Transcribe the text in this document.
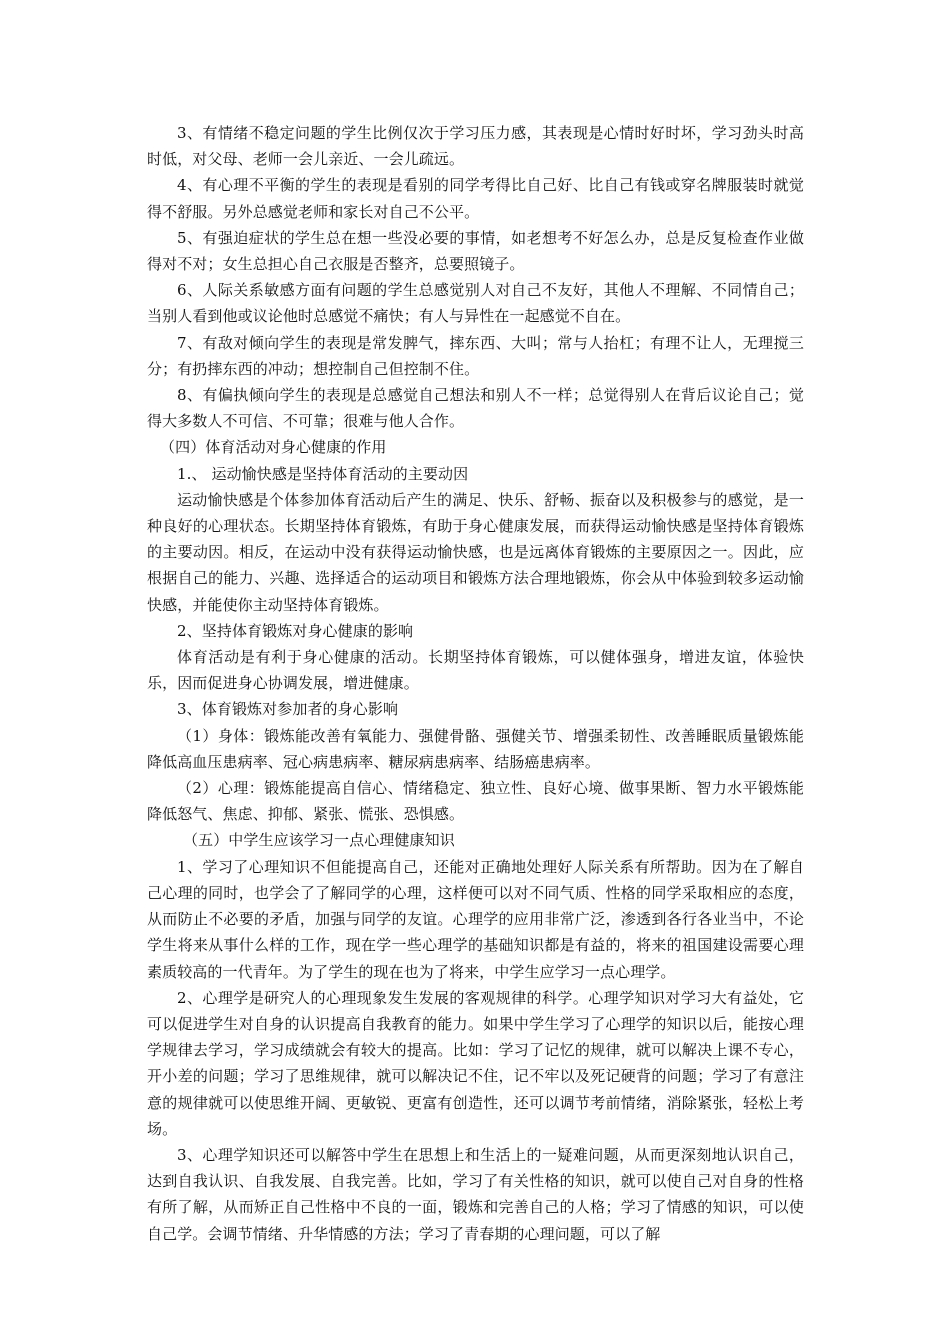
3、有情绪不稳定问题的学生比例仅次于学习压力感，其表现是心情时好时坏，学习劲头时高时低，对父母、老师一会儿亲近、一会儿疏远。

4、有心理不平衡的学生的表现是看别的同学考得比自己好、比自己有钱或穿名牌服装时就觉得不舒服。另外总感觉老师和家长对自己不公平。

5、有强迫症状的学生总在想一些没必要的事情，如老想考不好怎么办，总是反复检查作业做得对不对；女生总担心自己衣服是否整齐，总要照镜子。

6、人际关系敏感方面有问题的学生总感觉别人对自己不友好，其他人不理解、不同情自己；当别人看到他或议论他时总感觉不痛快；有人与异性在一起感觉不自在。

7、有敌对倾向学生的表现是常发脾气，摔东西、大叫；常与人抬杠；有理不让人，无理搅三分；有扔摔东西的冲动；想控制自己但控制不住。

8、有偏执倾向学生的表现是总感觉自己想法和别人不一样；总觉得别人在背后议论自己；觉得大多数人不可信、不可靠；很难与他人合作。

（四）体育活动对身心健康的作用

1.、 运动愉快感是坚持体育活动的主要动因

运动愉快感是个体参加体育活动后产生的满足、快乐、舒畅、振奋以及积极参与的感觉，是一种良好的心理状态。长期坚持体育锻炼，有助于身心健康发展，而获得运动愉快感是坚持体育锻炼的主要动因。相反，在运动中没有获得运动愉快感，也是远离体育锻炼的主要原因之一。因此，应根据自己的能力、兴趣、选择适合的运动项目和锻炼方法合理地锻炼，你会从中体验到较多运动愉快感，并能使你主动坚持体育锻炼。

2、坚持体育锻炼对身心健康的影响

体育活动是有利于身心健康的活动。长期坚持体育锻炼，可以健体强身，增进友谊，体验快乐，因而促进身心协调发展，增进健康。

3、体育锻炼对参加者的身心影响

（1）身体：锻炼能改善有氧能力、强健骨骼、强健关节、增强柔韧性、改善睡眠质量锻炼能降低高血压患病率、冠心病患病率、糖尿病患病率、结肠癌患病率。

（2）心理：锻炼能提高自信心、情绪稳定、独立性、良好心境、做事果断、智力水平锻炼能降低怒气、焦虑、抑郁、紧张、慌张、恐惧感。

（五）中学生应该学习一点心理健康知识

1、学习了心理知识不但能提高自己，还能对正确地处理好人际关系有所帮助。因为在了解自己心理的同时，也学会了了解同学的心理，这样便可以对不同气质、性格的同学采取相应的态度，从而防止不必要的矛盾，加强与同学的友谊。心理学的应用非常广泛，渗透到各行各业当中，不论学生将来从事什么样的工作，现在学一些心理学的基础知识都是有益的，将来的祖国建设需要心理素质较高的一代青年。为了学生的现在也为了将来，中学生应学习一点心理学。

2、心理学是研究人的心理现象发生发展的客观规律的科学。心理学知识对学习大有益处，它可以促进学生对自身的认识提高自我教育的能力。如果中学生学习了心理学的知识以后，能按心理学规律去学习，学习成绩就会有较大的提高。比如：学习了记忆的规律，就可以解决上课不专心，开小差的问题；学习了思维规律，就可以解决记不住，记不牢以及死记硬背的问题；学习了有意注意的规律就可以使思维开阔、更敏锐、更富有创造性，还可以调节考前情绪，消除紧张，轻松上考场。

3、心理学知识还可以解答中学生在思想上和生活上的一疑难问题，从而更深刻地认识自己，达到自我认识、自我发展、自我完善。比如，学习了有关性格的知识，就可以使自己对自身的性格有所了解，从而矫正自己性格中不良的一面，锻炼和完善自己的人格；学习了情感的知识，可以使自己学。会调节情绪、升华情感的方法；学习了青春期的心理问题，可以了解
